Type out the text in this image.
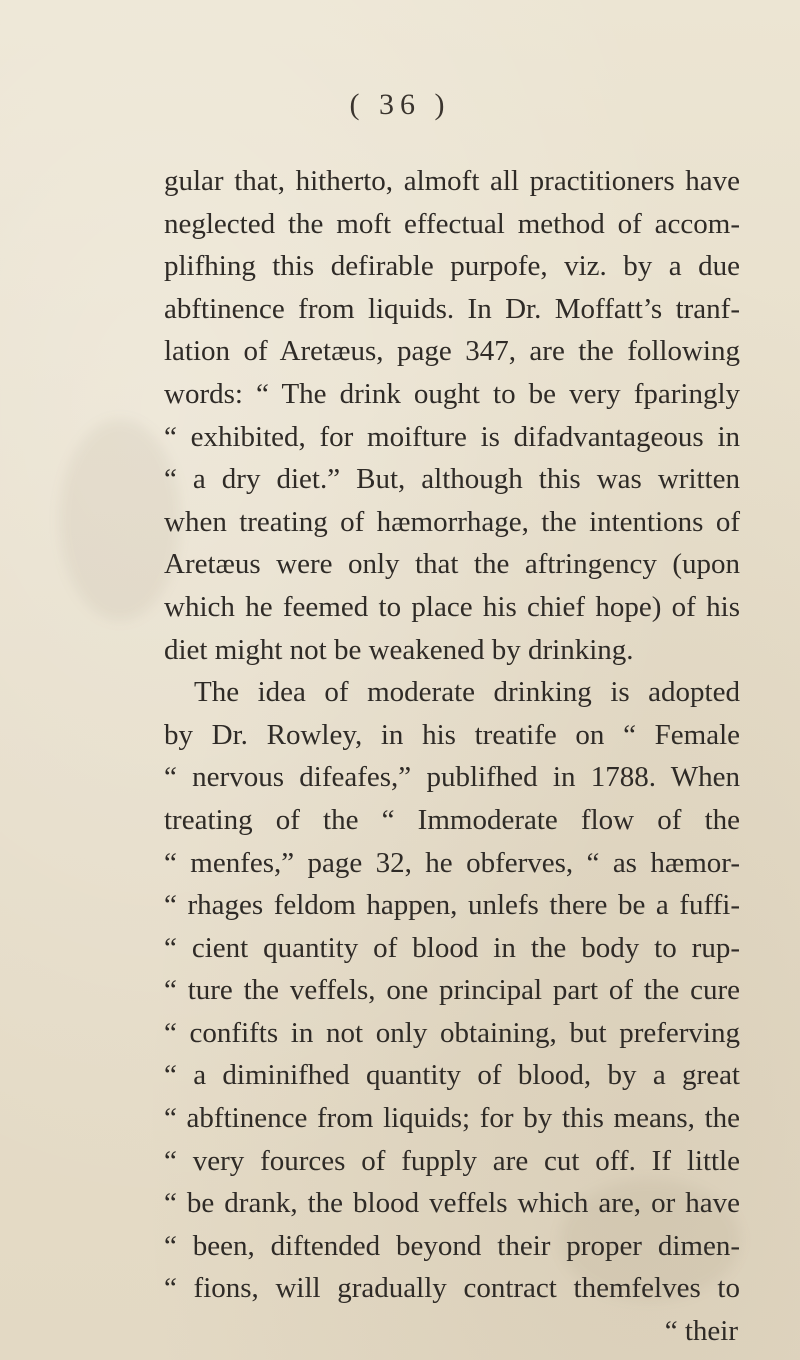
( 36 )
gular that, hitherto, almoft all practitioners have
neglected the moft effectual method of accom-
plifhing this defirable purpofe, viz. by a due
abftinence from liquids. In Dr. Moffatt’s tranf-
lation of Aretæus, page 347, are the following
words: “ The drink ought to be very fparingly
“ exhibited, for moifture is difadvantageous in
“ a dry diet.” But, although this was written
when treating of hæmorrhage, the intentions of
Aretæus were only that the aftringency (upon
which he feemed to place his chief hope) of his
diet might not be weakened by drinking.
The idea of moderate drinking is adopted
by Dr. Rowley, in his treatife on “ Female
“ nervous difeafes,” publifhed in 1788. When
treating of the “ Immoderate flow of the
“ menfes,” page 32, he obferves, “ as hæmor-
“ rhages feldom happen, unlefs there be a fuffi-
“ cient quantity of blood in the body to rup-
“ ture the veffels, one principal part of the cure
“ confifts in not only obtaining, but preferving
“ a diminifhed quantity of blood, by a great
“ abftinence from liquids; for by this means, the
“ very fources of fupply are cut off. If little
“ be drank, the blood veffels which are, or have
“ been, diftended beyond their proper dimen-
“ fions, will gradually contract themfelves to
“ their
